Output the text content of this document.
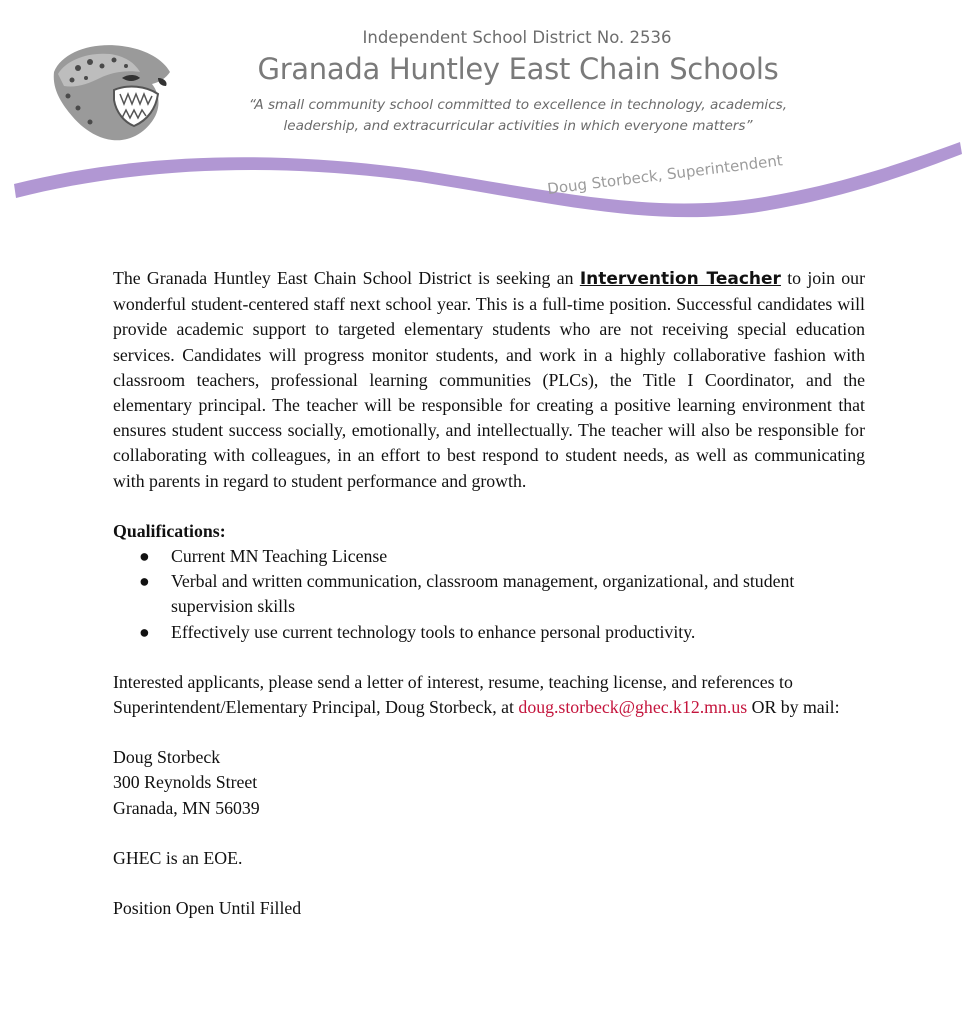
Independent School District No. 2536
Granada Huntley East Chain Schools
“A small community school committed to excellence in technology, academics,
leadership, and extracurricular activities in which everyone matters”
Doug Storbeck, Superintendent

The Granada Huntley East Chain School District is seeking an Intervention Teacher to join our wonderful student-centered staff next school year. This is a full-time position. Successful candidates will provide academic support to targeted elementary students who are not receiving special education services. Candidates will progress monitor students, and work in a highly collaborative fashion with classroom teachers, professional learning communities (PLCs), the Title I Coordinator, and the elementary principal. The teacher will be responsible for creating a positive learning environment that ensures student success socially, emotionally, and intellectually. The teacher will also be responsible for collaborating with colleagues, in an effort to best respond to student needs, as well as communicating with parents in regard to student performance and growth.

Qualifications:

● Current MN Teaching License
● Verbal and written communication, classroom management, organizational, and student supervision skills
● Effectively use current technology tools to enhance personal productivity.

Interested applicants, please send a letter of interest, resume, teaching license, and references to Superintendent/Elementary Principal, Doug Storbeck, at doug.storbeck@ghec.k12.mn.us OR by mail:

Doug Storbeck
300 Reynolds Street
Granada, MN 56039

GHEC is an EOE.

Position Open Until Filled
